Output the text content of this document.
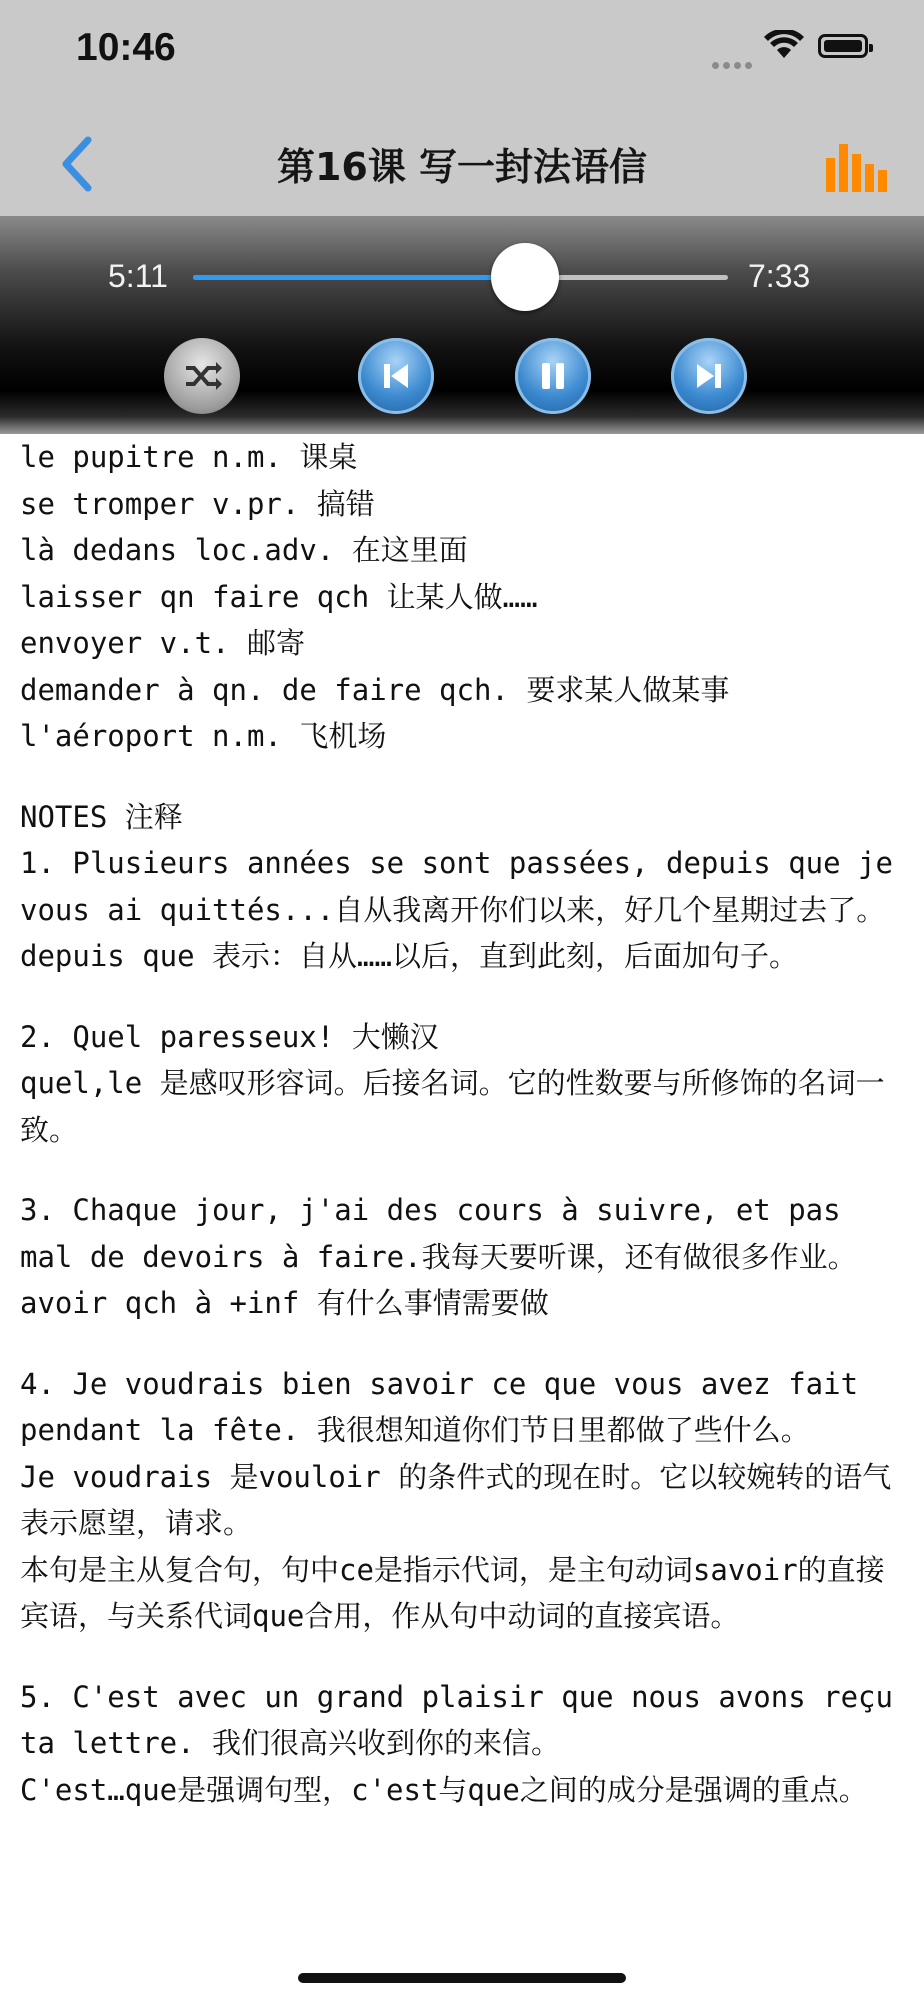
10:46
第16课 写一封法语信
5:11	7:33

le pupitre n.m. 课桌

se tromper v.pr. 搞错

là dedans loc.adv. 在这里面

laisser qn faire qch 让某人做……

envoyer v.t. 邮寄

demander à qn. de faire qch. 要求某人做某事

l'aéroport n.m. 飞机场

NOTES 注释

1. Plusieurs années se sont passées, depuis que je vous ai quittés...自从我离开你们以来，好几个星期过去了。

depuis que 表示：自从……以后，直到此刻，后面加句子。

2. Quel paresseux! 大懒汉

quel,le 是感叹形容词。后接名词。它的性数要与所修饰的名词一致。

3. Chaque jour, j'ai des cours à suivre, et pas mal de devoirs à faire.我每天要听课，还有做很多作业。

avoir qch à +inf 有什么事情需要做

4. Je voudrais bien savoir ce que vous avez fait pendant la fête. 我很想知道你们节日里都做了些什么。

Je voudrais 是vouloir 的条件式的现在时。它以较婉转的语气表示愿望，请求。

本句是主从复合句，句中ce是指示代词，是主句动词savoir的直接宾语，与关系代词que合用，作从句中动词的直接宾语。

5. C'est avec un grand plaisir que nous avons reçu ta lettre. 我们很高兴收到你的来信。

C'est…que是强调句型，c'est与que之间的成分是强调的重点。
